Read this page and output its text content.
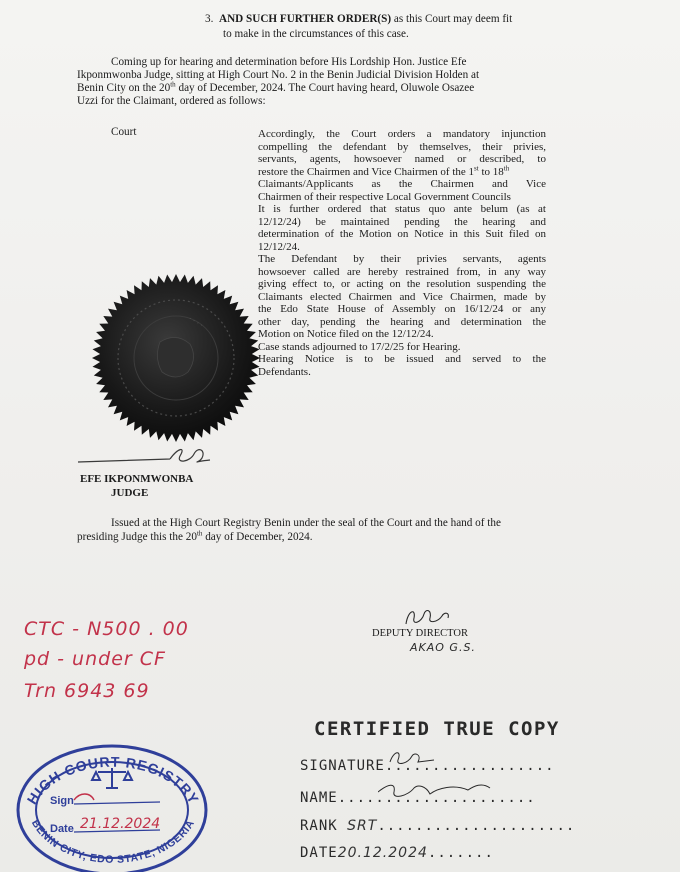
3. AND SUCH FURTHER ORDER(S) as this Court may deem fit
to make in the circumstances of this case.
Coming up for hearing and determination before His Lordship Hon. Justice Efe
Ikponmwonba Judge, sitting at High Court No. 2 in the Benin Judicial Division Holden at
Benin City on the 20th day of December, 2024. The Court having heard, Oluwole Osazee
Uzzi for the Claimant, ordered as follows:
Court	Accordingly, the Court orders a mandatory injunction
compelling the defendant by themselves, their privies,
servants, agents, howsoever named or described, to
restore the Chairmen and Vice Chairmen of the 1st to 18th
Claimants/Applicants as the Chairmen and Vice
Chairmen of their respective Local Government Councils
It is further ordered that status quo ante belum (as at
12/12/24) be maintained pending the hearing and
determination of the Motion on Notice in this Suit filed on
12/12/24.
The Defendant by their privies servants, agents
howsoever called are hereby restrained from, in any way
giving effect to, or acting on the resolution suspending the
Claimants elected Chairmen and Vice Chairmen, made by
the Edo State House of Assembly on 16/12/24 or any
other day, pending the hearing and determination the
Motion on Notice filed on the 12/12/24.
Case stands adjourned to 17/2/25 for Hearing.
Hearing Notice is to be issued and served to the
Defendants.
· · · ·
EFE IKPONMWONBA
JUDGE
Issued at the High Court Registry Benin under the seal of the Court and the hand of the
presiding Judge this the 20th day of December, 2024.
DEPUTY DIRECTOR
AKAO G.S.
CTC - N500 . 00
pd - under CF
Trn 6943 69
CERTIFIED TRUE COPY
SIGNATURE..................
NAME.....................
RANK SRT.....................
DATE20.12.2024.......
HIGH COURT REGISTRY
BENIN CITY, EDO STATE, NIGERIA
Sign
Date 21.12.2024
